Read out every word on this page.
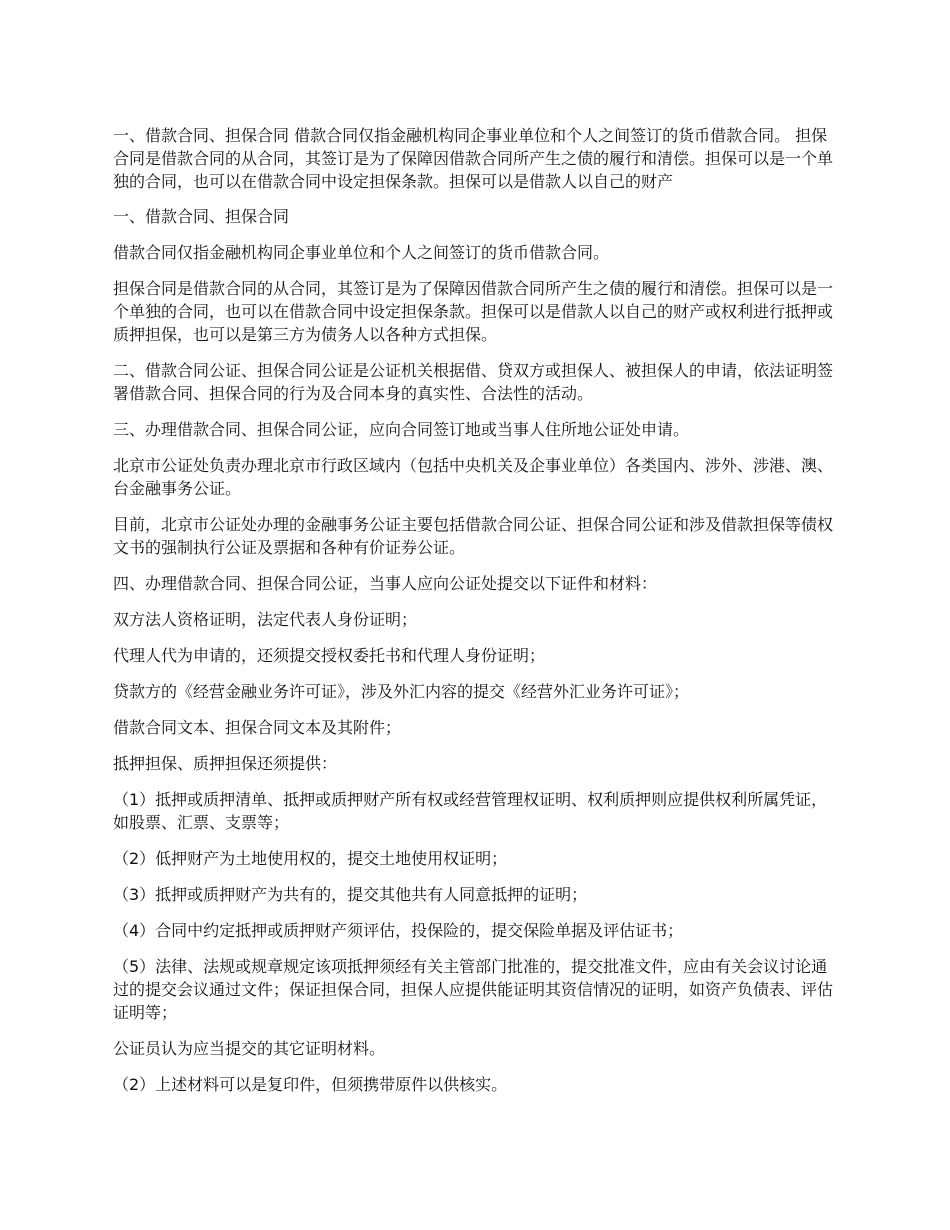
一、借款合同、担保合同 借款合同仅指金融机构同企事业单位和个人之间签订的货币借款合同。 担保合同是借款合同的从合同，其签订是为了保障因借款合同所产生之债的履行和清偿。担保可以是一个单独的合同，也可以在借款合同中设定担保条款。担保可以是借款人以自己的财产

一、借款合同、担保合同

借款合同仅指金融机构同企事业单位和个人之间签订的货币借款合同。

担保合同是借款合同的从合同，其签订是为了保障因借款合同所产生之债的履行和清偿。担保可以是一个单独的合同，也可以在借款合同中设定担保条款。担保可以是借款人以自己的财产或权利进行抵押或质押担保，也可以是第三方为债务人以各种方式担保。

二、借款合同公证、担保合同公证是公证机关根据借、贷双方或担保人、被担保人的申请，依法证明签署借款合同、担保合同的行为及合同本身的真实性、合法性的活动。

三、办理借款合同、担保合同公证，应向合同签订地或当事人住所地公证处申请。

北京市公证处负责办理北京市行政区域内（包括中央机关及企事业单位）各类国内、涉外、涉港、澳、台金融事务公证。

目前，北京市公证处办理的金融事务公证主要包括借款合同公证、担保合同公证和涉及借款担保等债权文书的强制执行公证及票据和各种有价证券公证。

四、办理借款合同、担保合同公证，当事人应向公证处提交以下证件和材料：

双方法人资格证明，法定代表人身份证明；

代理人代为申请的，还须提交授权委托书和代理人身份证明；

贷款方的《经营金融业务许可证》，涉及外汇内容的提交《经营外汇业务许可证》；

借款合同文本、担保合同文本及其附件；

抵押担保、质押担保还须提供：

（1）抵押或质押清单、抵押或质押财产所有权或经营管理权证明、权利质押则应提供权利所属凭证，如股票、汇票、支票等；

（2）低押财产为土地使用权的，提交土地使用权证明；

（3）抵押或质押财产为共有的，提交其他共有人同意抵押的证明；

（4）合同中约定抵押或质押财产须评估，投保险的，提交保险单据及评估证书；

（5）法律、法规或规章规定该项抵押须经有关主管部门批准的，提交批准文件，应由有关会议讨论通过的提交会议通过文件；保证担保合同，担保人应提供能证明其资信情况的证明，如资产负债表、评估证明等；

公证员认为应当提交的其它证明材料。

（2）上述材料可以是复印件，但须携带原件以供核实。
